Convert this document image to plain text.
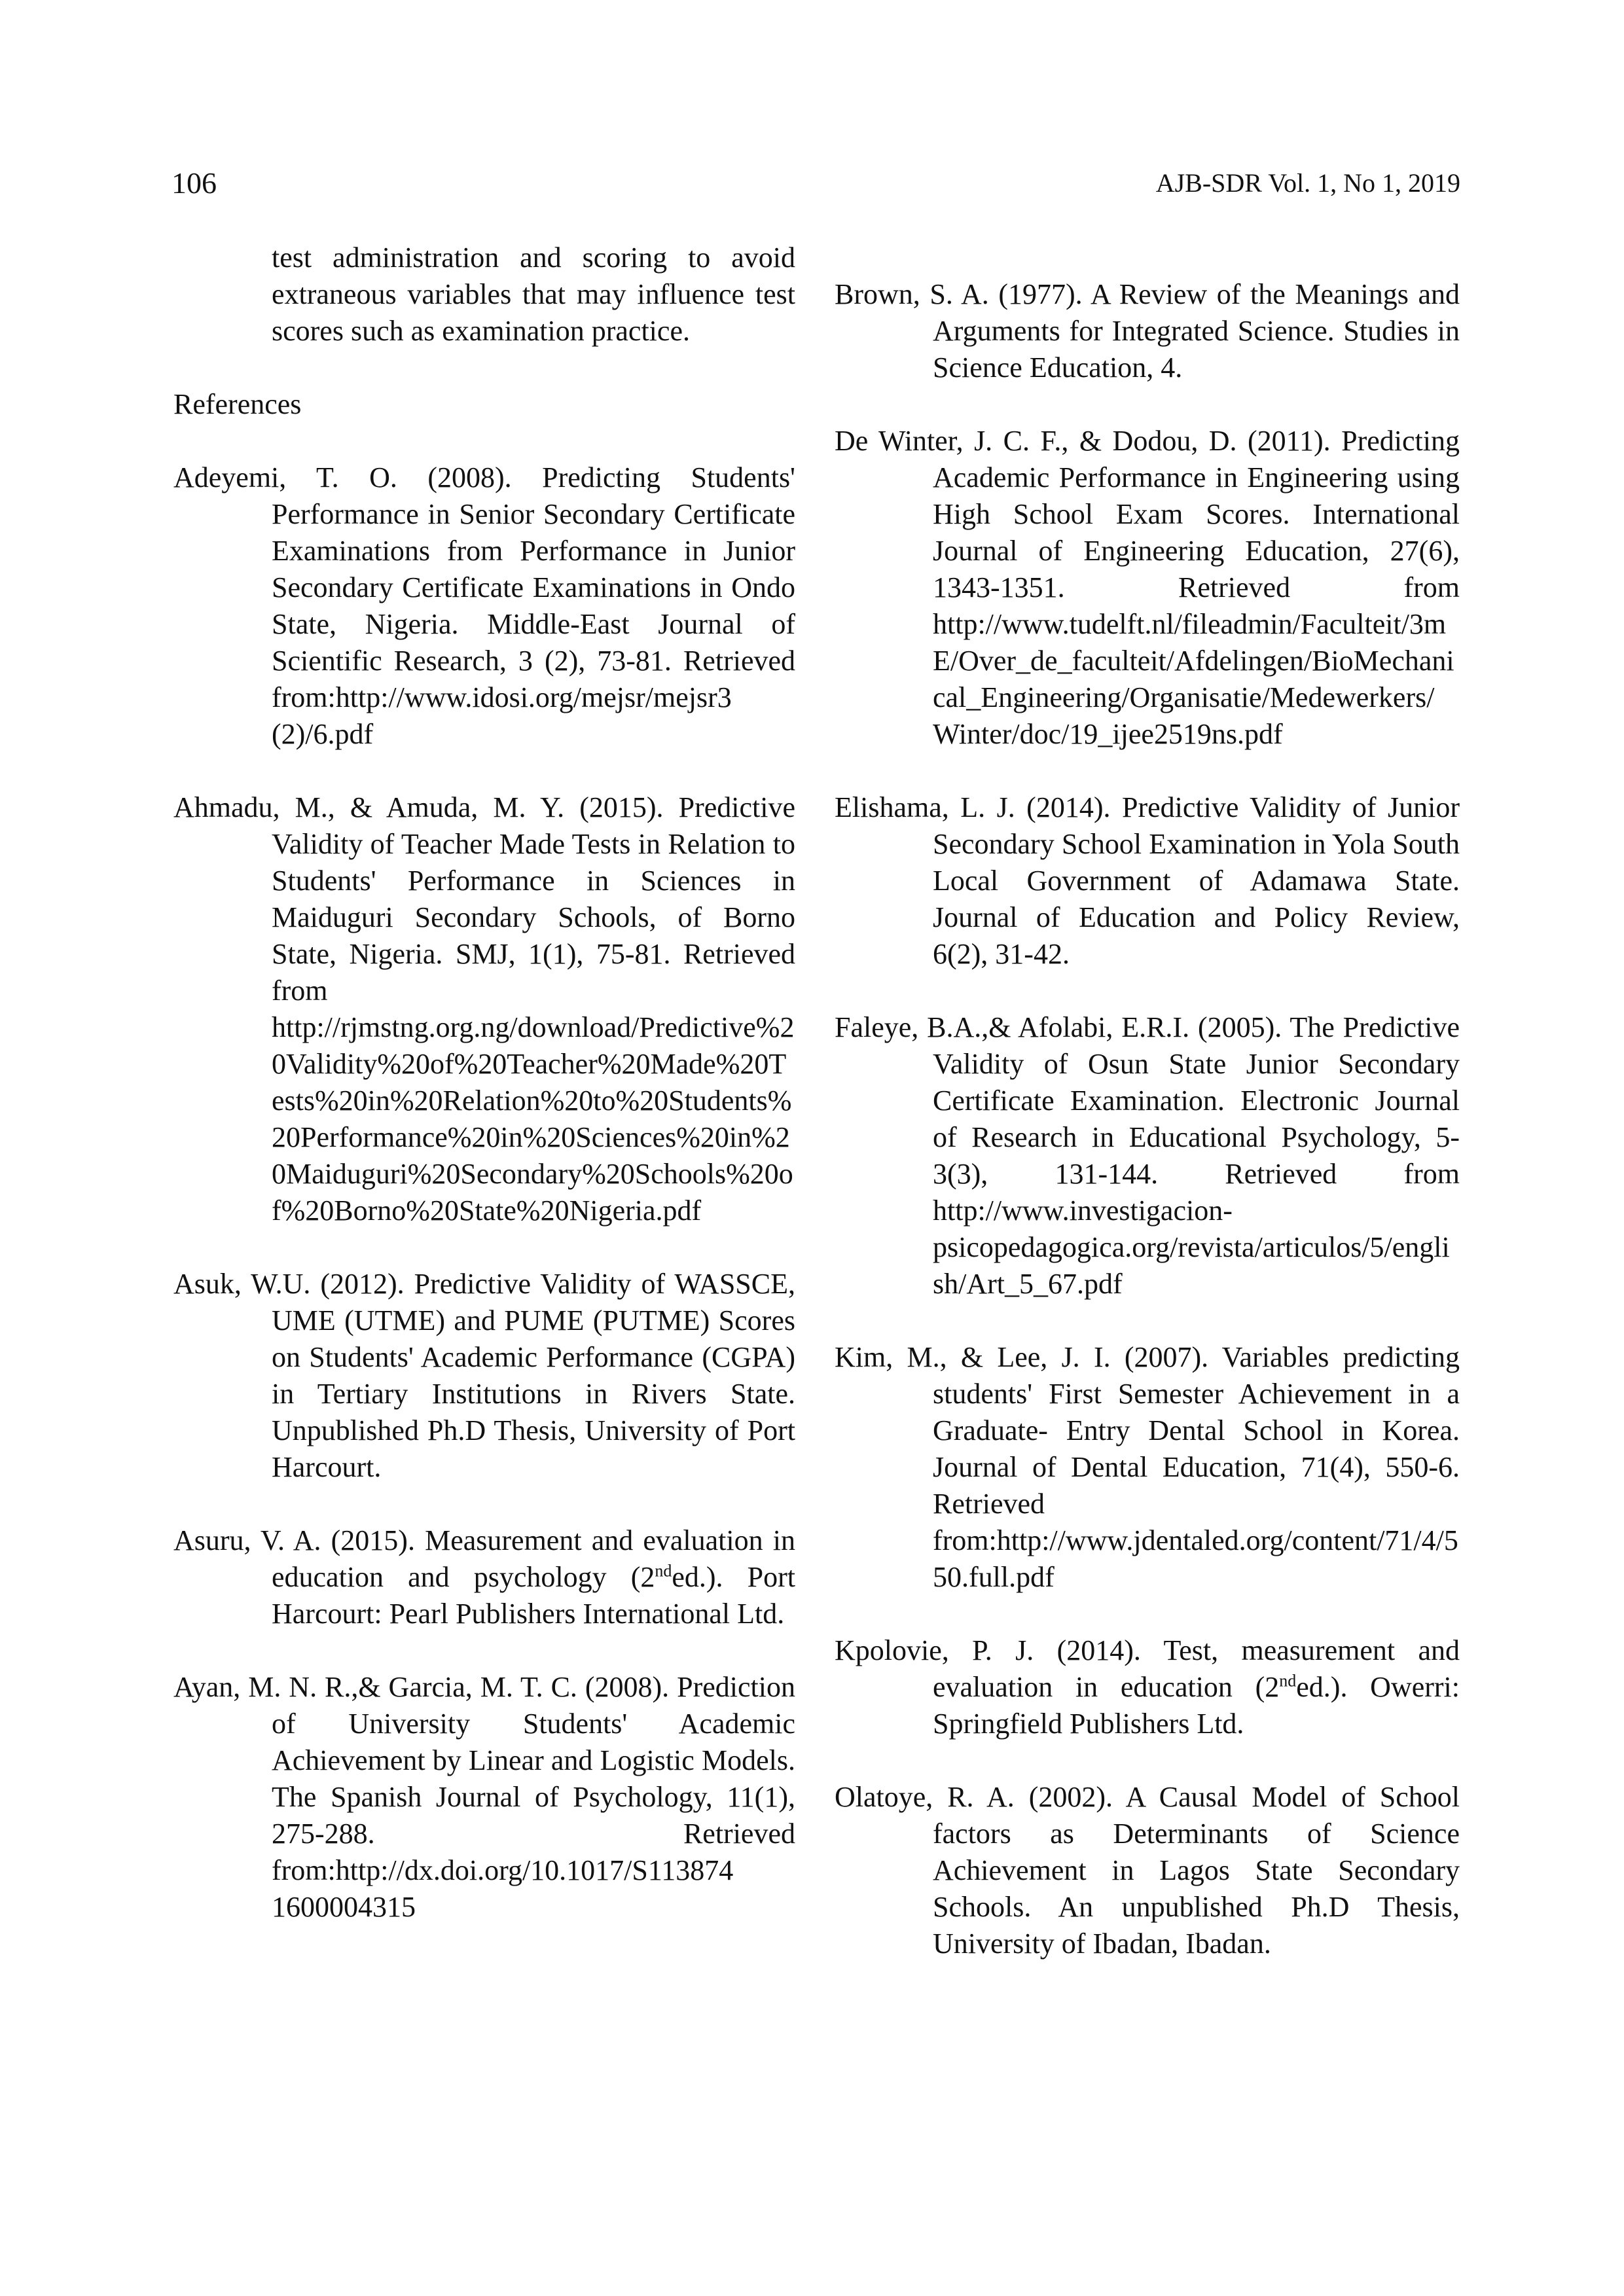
106	AJB-SDR Vol. 1, No 1, 2019

test administration and scoring to avoid extraneous variables that may influence test scores such as examination practice.

References

Adeyemi, T. O. (2008). Predicting Students' Performance in Senior Secondary Certificate Examinations from Performance in Junior Secondary Certificate Examinations in Ondo State, Nigeria. Middle-East Journal of Scientific Research, 3 (2), 73-81. Retrieved from:http://www.idosi.org/mejsr/mejsr3 (2)/6.pdf

Ahmadu, M., & Amuda, M. Y. (2015). Predictive Validity of Teacher Made Tests in Relation to Students' Performance in Sciences in Maiduguri Secondary Schools, of Borno State, Nigeria. SMJ, 1(1), 75-81. Retrieved from http://rjmstng.org.ng/download/Predictive%20Validity%20of%20Teacher%20Made%20Tests%20in%20Relation%20to%20Students%20Performance%20in%20Sciences%20in%20Maiduguri%20Secondary%20Schools%20of%20Borno%20State%20Nigeria.pdf

Asuk, W.U. (2012). Predictive Validity of WASSCE, UME (UTME) and PUME (PUTME) Scores on Students' Academic Performance (CGPA) in Tertiary Institutions in Rivers State. Unpublished Ph.D Thesis, University of Port Harcourt.

Asuru, V. A. (2015). Measurement and evaluation in education and psychology (2nded.). Port Harcourt: Pearl Publishers International Ltd.

Ayan, M. N. R.,& Garcia, M. T. C. (2008). Prediction of University Students' Academic Achievement by Linear and Logistic Models. The Spanish Journal of Psychology, 11(1), 275-288. Retrieved from:http://dx.doi.org/10.1017/S113874 1600004315

Brown, S. A. (1977). A Review of the Meanings and Arguments for Integrated Science. Studies in Science Education, 4.

De Winter, J. C. F., & Dodou, D. (2011). Predicting Academic Performance in Engineering using High School Exam Scores. International Journal of Engineering Education, 27(6), 1343-1351. Retrieved from http://www.tudelft.nl/fileadmin/Faculteit/3mE/Over_de_faculteit/Afdelingen/BioMechanical_Engineering/Organisatie/Medewerkers/Winter/doc/19_ijee2519ns.pdf

Elishama, L. J. (2014). Predictive Validity of Junior Secondary School Examination in Yola South Local Government of Adamawa State. Journal of Education and Policy Review, 6(2), 31-42.

Faleye, B.A.,& Afolabi, E.R.I. (2005). The Predictive Validity of Osun State Junior Secondary Certificate Examination. Electronic Journal of Research in Educational Psychology, 5-3(3), 131-144. Retrieved from http://www.investigacion-psicopedagogica.org/revista/articulos/5/english/Art_5_67.pdf

Kim, M., & Lee, J. I. (2007). Variables predicting students' First Semester Achievement in a Graduate- Entry Dental School in Korea. Journal of Dental Education, 71(4), 550-6. Retrieved from:http://www.jdentaled.org/content/71/4/550.full.pdf

Kpolovie, P. J. (2014). Test, measurement and evaluation in education (2nded.). Owerri: Springfield Publishers Ltd.

Olatoye, R. A. (2002). A Causal Model of School factors as Determinants of Science Achievement in Lagos State Secondary Schools. An unpublished Ph.D Thesis, University of Ibadan, Ibadan.
